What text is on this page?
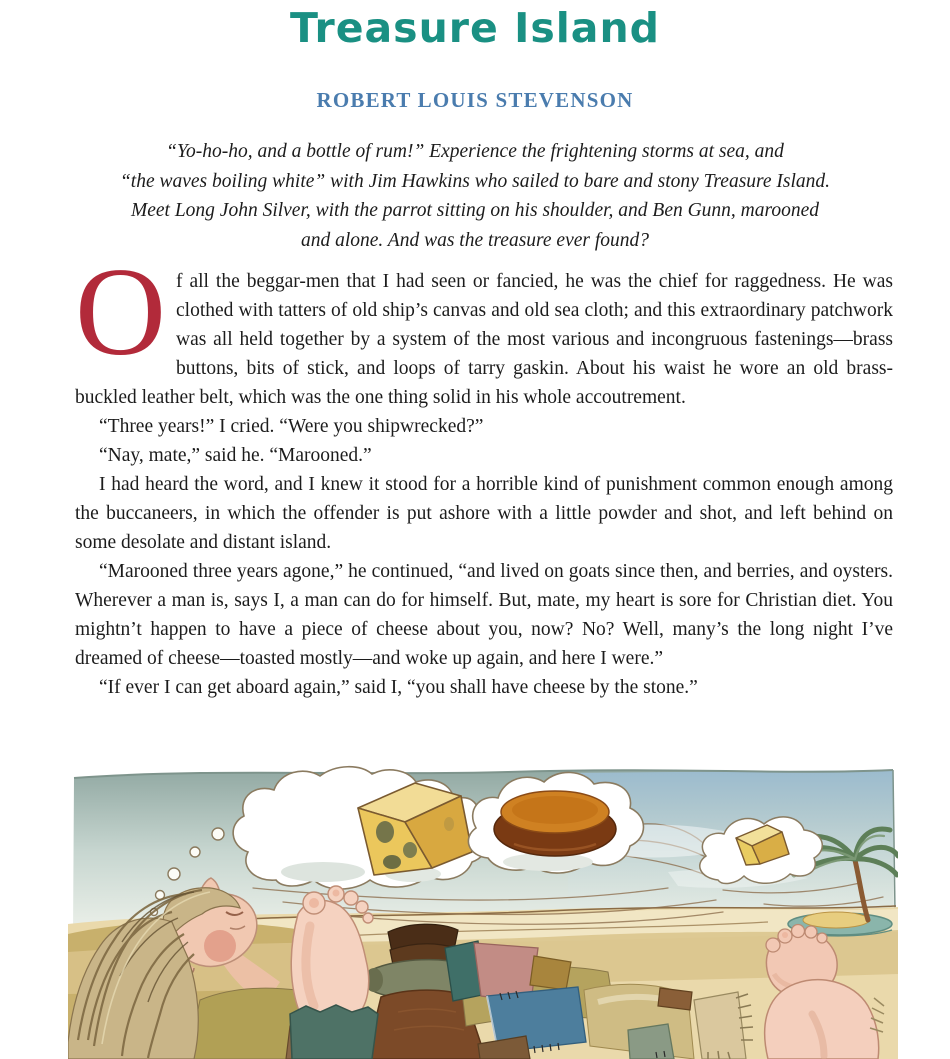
Treasure Island
ROBERT LOUIS STEVENSON
“Yo-ho-ho, and a bottle of rum!” Experience the frightening storms at sea, and
“the waves boiling white” with Jim Hawkins who sailed to bare and stony Treasure Island.
Meet Long John Silver, with the parrot sitting on his shoulder, and Ben Gunn, marooned
and alone. And was the treasure ever found?

Of all the beggar-men that I had seen or fancied, he was the chief for raggedness. He was clothed with tatters of old ship’s canvas and old sea cloth; and this extraordinary patchwork was all held together by a system of the most various and incongruous fastenings—brass buttons, bits of stick, and loops of tarry gaskin. About his waist he wore an old brass-buckled leather belt, which was the one thing solid in his whole accoutrement.

“Three years!” I cried. “Were you shipwrecked?”

“Nay, mate,” said he. “Marooned.”

I had heard the word, and I knew it stood for a horrible kind of punishment common enough among the buccaneers, in which the offender is put ashore with a little powder and shot, and left behind on some desolate and distant island.

“Marooned three years agone,” he continued, “and lived on goats since then, and berries, and oysters. Wherever a man is, says I, a man can do for himself. But, mate, my heart is sore for Christian diet. You mightn’t happen to have a piece of cheese about you, now? No? Well, many’s the long night I’ve dreamed of cheese—toasted mostly—and woke up again, and here I were.”

“If ever I can get aboard again,” said I, “you shall have cheese by the stone.”
